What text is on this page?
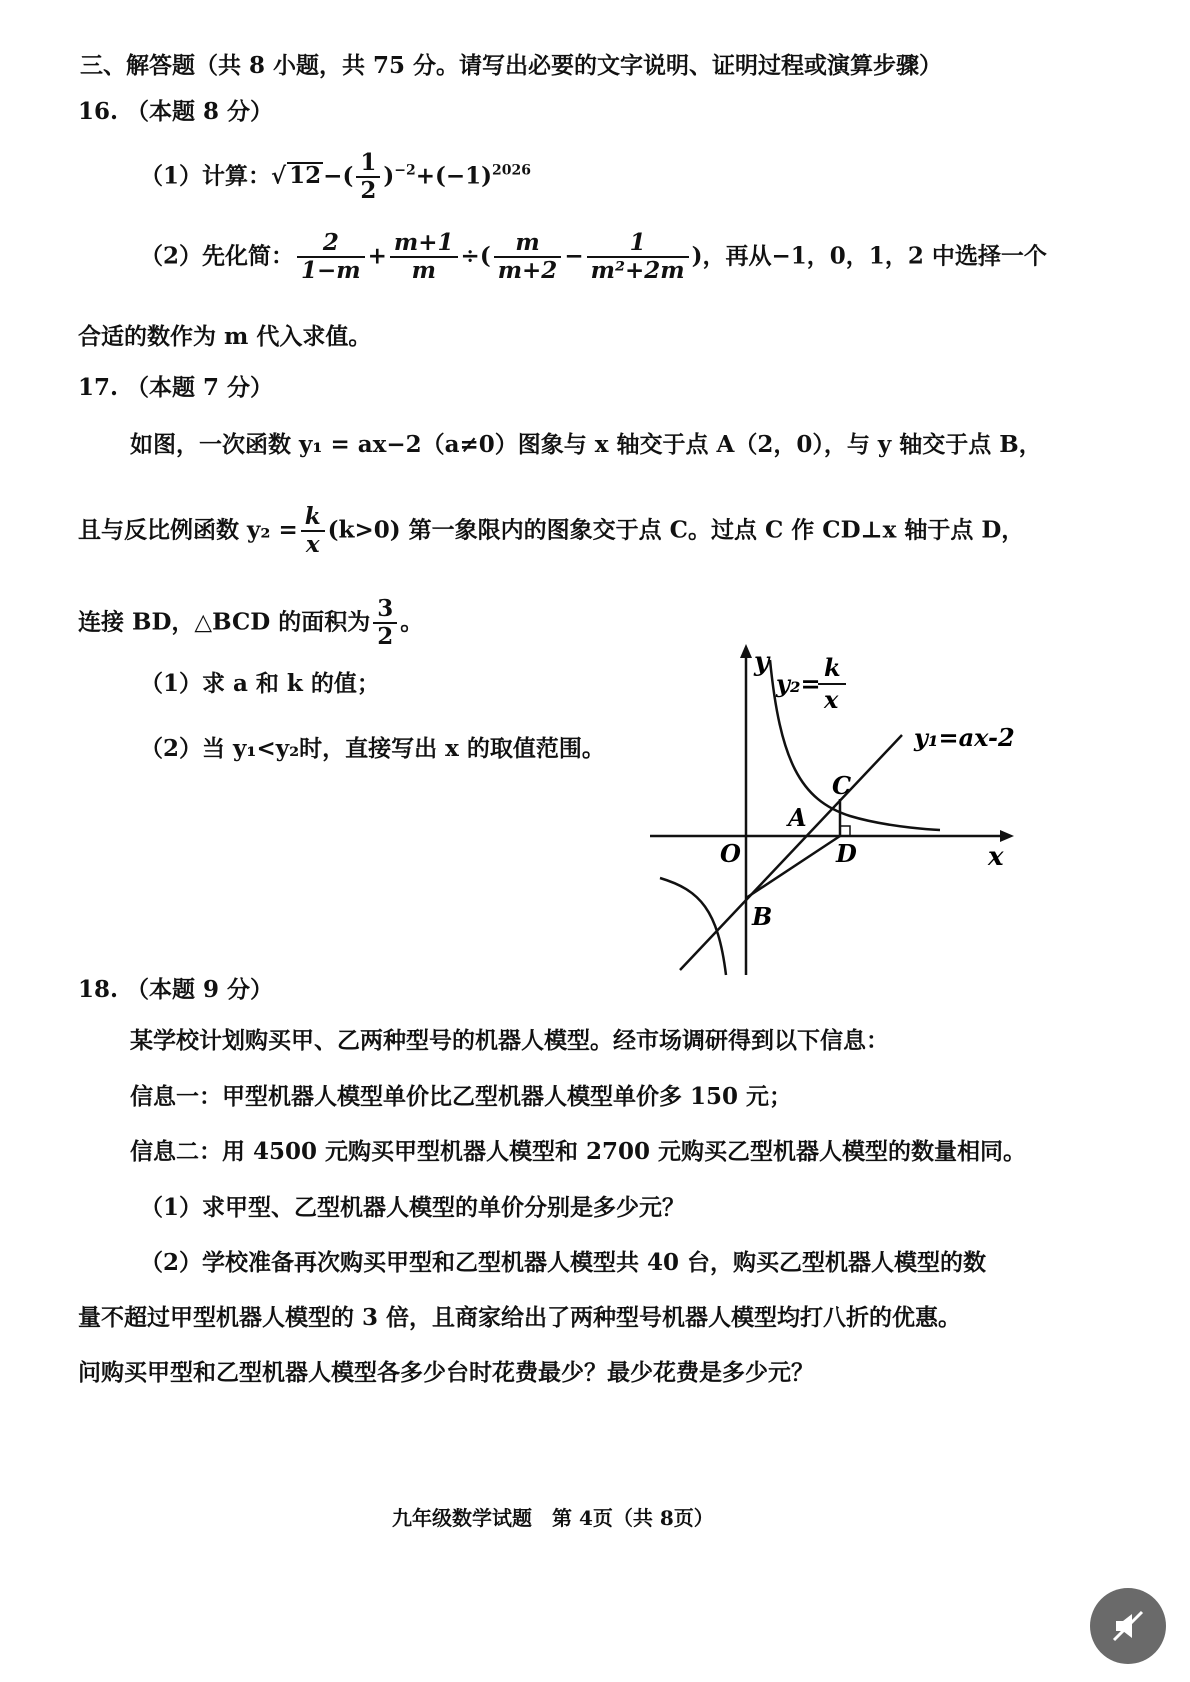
三、解答题（共 8 小题，共 75 分。请写出必要的文字说明、证明过程或演算步骤）
16. （本题 8 分）
（1）计算：√ $12-( \frac{1}{2} )^{-2}+(-1)^{2026}$
（2）先化简： $\frac{2}{1-m} + \frac{m+1}{m}$ ÷( $\frac{m}{m+2} - \frac{1}{\text{m²+2m}}$ )，再从−1，0，1，2 中选择一个
合适的数作为 m 代入求值。
17. （本题 7 分）
如图，一次函数 y₁ = ax−2（a≠0）图象与 x 轴交于点 A（2，0），与 y 轴交于点 B，
且与反比例函数 $y_2 = \frac{k}{x} (k>0)$ 第一象限内的图象交于点 C。过点 C 作 CD⊥x 轴于点 D，
连接 BD，△BCD 的面积为 $\frac{3}{2}$ 。
（1）求 a 和 k 的值；
（2）当 y₁<y₂时，直接写出 x 的取值范围。
y
x
O
A
B
C
D
y₂=
k
x
y₁=ax-2
18. （本题 9 分）
某学校计划购买甲、乙两种型号的机器人模型。经市场调研得到以下信息：
信息一：甲型机器人模型单价比乙型机器人模型单价多 150 元；
信息二：用 4500 元购买甲型机器人模型和 2700 元购买乙型机器人模型的数量相同。
（1）求甲型、乙型机器人模型的单价分别是多少元？
（2）学校准备再次购买甲型和乙型机器人模型共 40 台，购买乙型机器人模型的数
量不超过甲型机器人模型的 3 倍，且商家给出了两种型号机器人模型均打八折的优惠。
问购买甲型和乙型机器人模型各多少台时花费最少？最少花费是多少元？
九年级数学试题　第 4页（共 8页）
